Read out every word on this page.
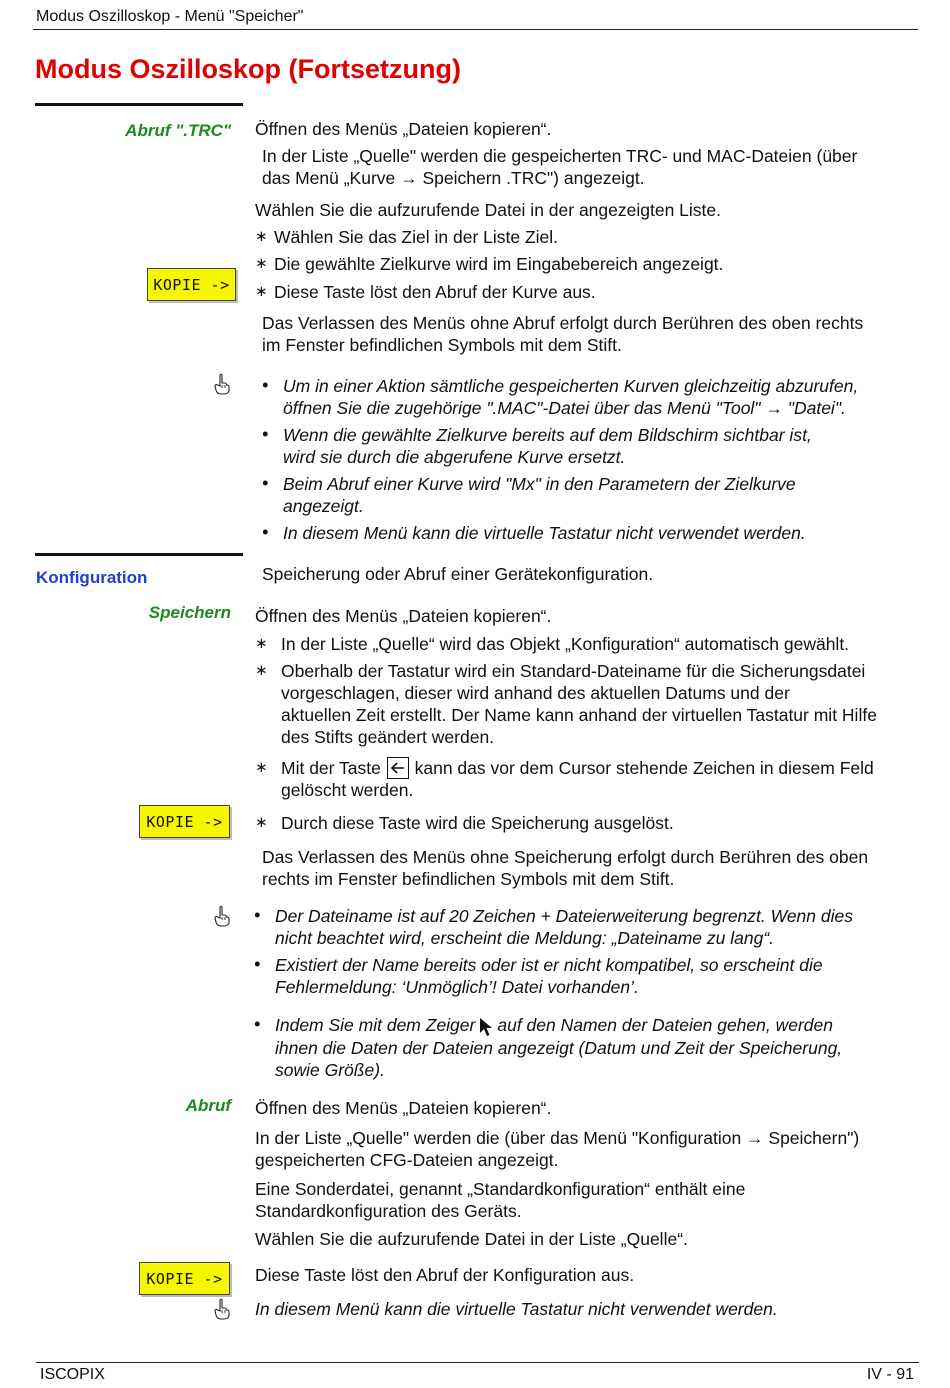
Modus Oszilloskop - Menü "Speicher"
Modus Oszilloskop (Fortsetzung)
Abruf ".TRC" Öffnen des Menüs „Dateien kopieren“.
In der Liste „Quelle" werden die gespeicherten TRC- und MAC-Dateien (über
das Menü „Kurve → Speichern .TRC") angezeigt.
Wählen Sie die aufzurufende Datei in der angezeigten Liste.
∗ Wählen Sie das Ziel in der Liste Ziel.
∗ Die gewählte Zielkurve wird im Eingabebereich angezeigt.
KOPIE ->	∗ Diese Taste löst den Abruf der Kurve aus.
Das Verlassen des Menüs ohne Abruf erfolgt durch Berühren des oben rechts
im Fenster befindlichen Symbols mit dem Stift.
• Um in einer Aktion sämtliche gespeicherten Kurven gleichzeitig abzurufen,
öffnen Sie die zugehörige ".MAC"-Datei über das Menü "Tool" → "Datei".
• Wenn die gewählte Zielkurve bereits auf dem Bildschirm sichtbar ist,
wird sie durch die abgerufene Kurve ersetzt.
• Beim Abruf einer Kurve wird "Mx" in den Parametern der Zielkurve
angezeigt.
• In diesem Menü kann die virtuelle Tastatur nicht verwendet werden.
Konfiguration	Speicherung oder Abruf einer Gerätekonfiguration.
Speichern Öffnen des Menüs „Dateien kopieren“.
∗ In der Liste „Quelle“ wird das Objekt „Konfiguration“ automatisch gewählt.
∗ Oberhalb der Tastatur wird ein Standard-Dateiname für die Sicherungsdatei
vorgeschlagen, dieser wird anhand des aktuellen Datums und der
aktuellen Zeit erstellt. Der Name kann anhand der virtuellen Tastatur mit Hilfe
des Stifts geändert werden.
∗ Mit der Taste kann das vor dem Cursor stehende Zeichen in diesem Feld
gelöscht werden.
KOPIE ->	∗ Durch diese Taste wird die Speicherung ausgelöst.
Das Verlassen des Menüs ohne Speicherung erfolgt durch Berühren des oben
rechts im Fenster befindlichen Symbols mit dem Stift.
• Der Dateiname ist auf 20 Zeichen + Dateierweiterung begrenzt. Wenn dies
nicht beachtet wird, erscheint die Meldung: „Dateiname zu lang“.
• Existiert der Name bereits oder ist er nicht kompatibel, so erscheint die
Fehlermeldung: ‘Unmöglich’! Datei vorhanden’.
• Indem Sie mit dem Zeiger auf den Namen der Dateien gehen, werden
ihnen die Daten der Dateien angezeigt (Datum und Zeit der Speicherung,
sowie Größe).
Abruf Öffnen des Menüs „Dateien kopieren“.
In der Liste „Quelle" werden die (über das Menü "Konfiguration → Speichern")
gespeicherten CFG-Dateien angezeigt.
Eine Sonderdatei, genannt „Standardkonfiguration“ enthält eine
Standardkonfiguration des Geräts.
Wählen Sie die aufzurufende Datei in der Liste „Quelle“.
KOPIE ->	Diese Taste löst den Abruf der Konfiguration aus.
In diesem Menü kann die virtuelle Tastatur nicht verwendet werden.
ISCOPIX	IV - 91
